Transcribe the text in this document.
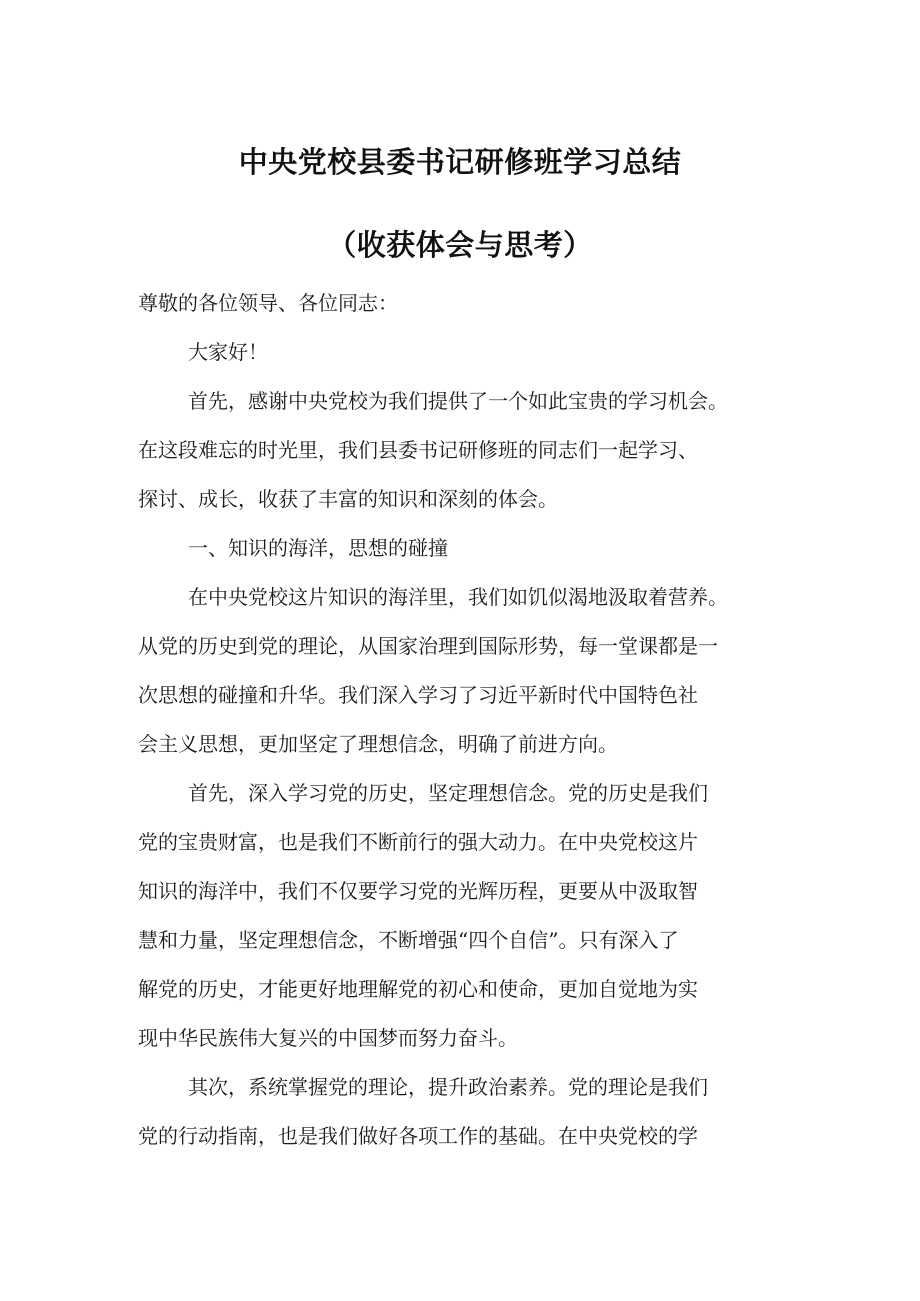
中央党校县委书记研修班学习总结
（收获体会与思考）
尊敬的各位领导、各位同志：
大家好！
首先，感谢中央党校为我们提供了一个如此宝贵的学习机会。
在这段难忘的时光里，我们县委书记研修班的同志们一起学习、
探讨、成长，收获了丰富的知识和深刻的体会。
一、知识的海洋，思想的碰撞
在中央党校这片知识的海洋里，我们如饥似渴地汲取着营养。
从党的历史到党的理论，从国家治理到国际形势，每一堂课都是一
次思想的碰撞和升华。我们深入学习了习近平新时代中国特色社
会主义思想，更加坚定了理想信念，明确了前进方向。
首先，深入学习党的历史，坚定理想信念。党的历史是我们
党的宝贵财富，也是我们不断前行的强大动力。在中央党校这片
知识的海洋中，我们不仅要学习党的光辉历程，更要从中汲取智
慧和力量，坚定理想信念，不断增强“四个自信”。只有深入了
解党的历史，才能更好地理解党的初心和使命，更加自觉地为实
现中华民族伟大复兴的中国梦而努力奋斗。
其次，系统掌握党的理论，提升政治素养。党的理论是我们
党的行动指南，也是我们做好各项工作的基础。在中央党校的学
